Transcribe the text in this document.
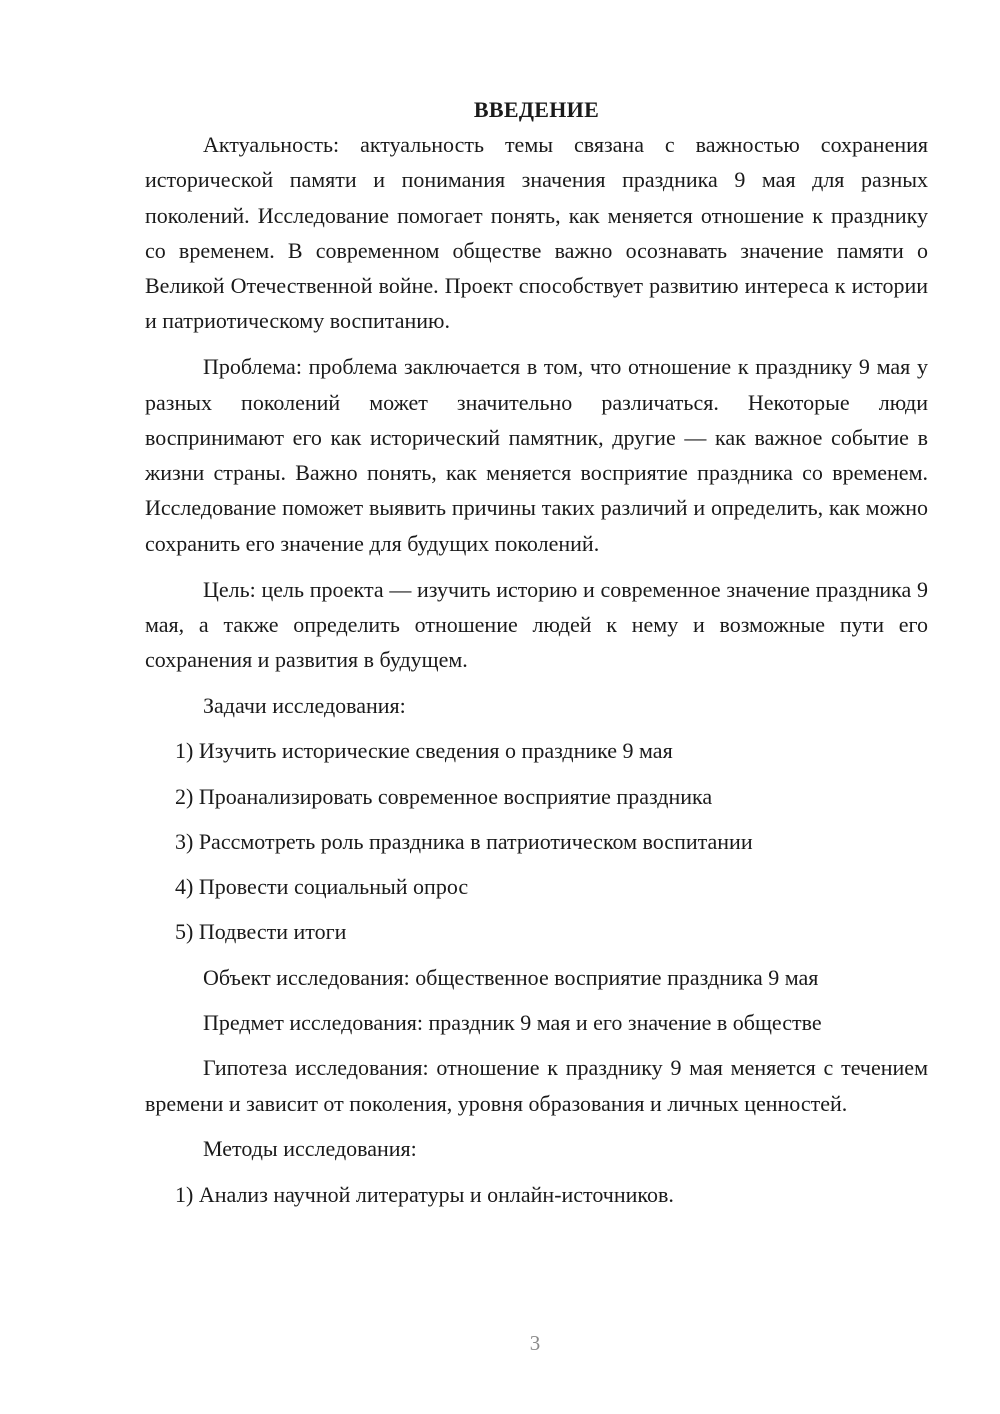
ВВЕДЕНИЕ

Актуальность: актуальность темы связана с важностью сохранения исторической памяти и понимания значения праздника 9 мая для разных поколений. Исследование помогает понять, как меняется отношение к празднику со временем. В современном обществе важно осознавать значение памяти о Великой Отечественной войне. Проект способствует развитию интереса к истории и патриотическому воспитанию.

Проблема: проблема заключается в том, что отношение к празднику 9 мая у разных поколений может значительно различаться. Некоторые люди воспринимают его как исторический памятник, другие — как важное событие в жизни страны. Важно понять, как меняется восприятие праздника со временем. Исследование поможет выявить причины таких различий и определить, как можно сохранить его значение для будущих поколений.

Цель: цель проекта — изучить историю и современное значение праздника 9 мая, а также определить отношение людей к нему и возможные пути его сохранения и развития в будущем.

Задачи исследования:
1) Изучить исторические сведения о празднике 9 мая
2) Проанализировать современное восприятие праздника
3) Рассмотреть роль праздника в патриотическом воспитании
4) Провести социальный опрос
5) Подвести итоги
Объект исследования: общественное восприятие праздника 9 мая
Предмет исследования: праздник 9 мая и его значение в обществе

Гипотеза исследования: отношение к празднику 9 мая меняется с течением времени и зависит от поколения, уровня образования и личных ценностей.

Методы исследования:
1) Анализ научной литературы и онлайн-источников.
3
